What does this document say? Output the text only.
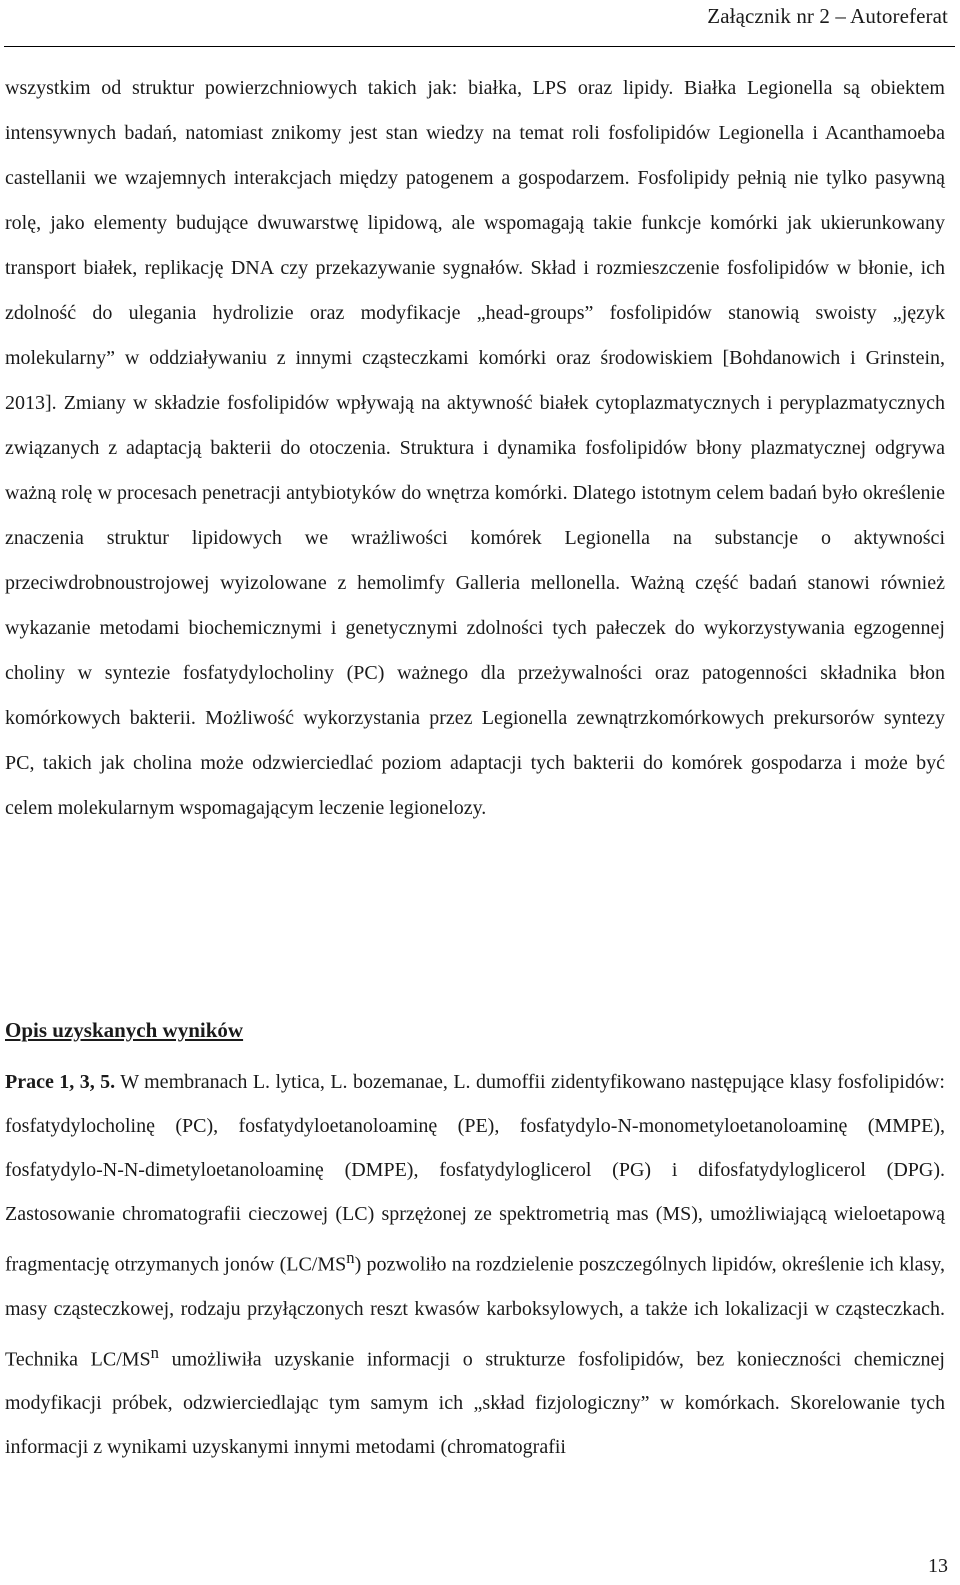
Załącznik nr 2 – Autoreferat

wszystkim od struktur powierzchniowych takich jak: białka, LPS oraz lipidy. Białka Legionella są obiektem intensywnych badań, natomiast znikomy jest stan wiedzy na temat roli fosfolipidów Legionella i Acanthamoeba castellanii we wzajemnych interakcjach między patogenem a gospodarzem. Fosfolipidy pełnią nie tylko pasywną rolę, jako elementy budujące dwuwarstwę lipidową, ale wspomagają takie funkcje komórki jak ukierunkowany transport białek, replikację DNA czy przekazywanie sygnałów. Skład i rozmieszczenie fosfolipidów w błonie, ich zdolność do ulegania hydrolizie oraz modyfikacje „head-groups” fosfolipidów stanowią swoisty „język molekularny” w oddziaływaniu z innymi cząsteczkami komórki oraz środowiskiem [Bohdanowich i Grinstein, 2013]. Zmiany w składzie fosfolipidów wpływają na aktywność białek cytoplazmatycznych i peryplazmatycznych związanych z adaptacją bakterii do otoczenia. Struktura i dynamika fosfolipidów błony plazmatycznej odgrywa ważną rolę w procesach penetracji antybiotyków do wnętrza komórki. Dlatego istotnym celem badań było określenie znaczenia struktur lipidowych we wrażliwości komórek Legionella na substancje o aktywności przeciwdrobnoustrojowej wyizolowane z hemolimfy Galleria mellonella. Ważną część badań stanowi również wykazanie metodami biochemicznymi i genetycznymi zdolności tych pałeczek do wykorzystywania egzogennej choliny w syntezie fosfatydylocholiny (PC) ważnego dla przeżywalności oraz patogenności składnika błon komórkowych bakterii. Możliwość wykorzystania przez Legionella zewnątrzkomórkowych prekursorów syntezy PC, takich jak cholina może odzwierciedlać poziom adaptacji tych bakterii do komórek gospodarza i może być celem molekularnym wspomagającym leczenie legionelozy.

Opis uzyskanych wyników

Prace 1, 3, 5. W membranach L. lytica, L. bozemanae, L. dumoffii zidentyfikowano następujące klasy fosfolipidów: fosfatydylocholinę (PC), fosfatydyloetanoloaminę (PE), fosfatydylo-N-monometyloetanoloaminę (MMPE), fosfatydylo-N-N-dimetyloetanoloaminę (DMPE), fosfatydyloglicerol (PG) i difosfatydyloglicerol (DPG). Zastosowanie chromatografii cieczowej (LC) sprzężonej ze spektrometrią mas (MS), umożliwiającą wieloetapową fragmentację otrzymanych jonów $(LC/MS^n)$ pozwoliło na rozdzielenie poszczególnych lipidów, określenie ich klasy, masy cząsteczkowej, rodzaju przyłączonych reszt kwasów karboksylowych, a także ich lokalizacji w cząsteczkach. Technika $LC/MS^n$ umożliwiła uzyskanie informacji o strukturze fosfolipidów, bez konieczności chemicznej modyfikacji próbek, odzwierciedlając tym samym ich „skład fizjologiczny” w komórkach. Skorelowanie tych informacji z wynikami uzyskanymi innymi metodami (chromatografii

13
